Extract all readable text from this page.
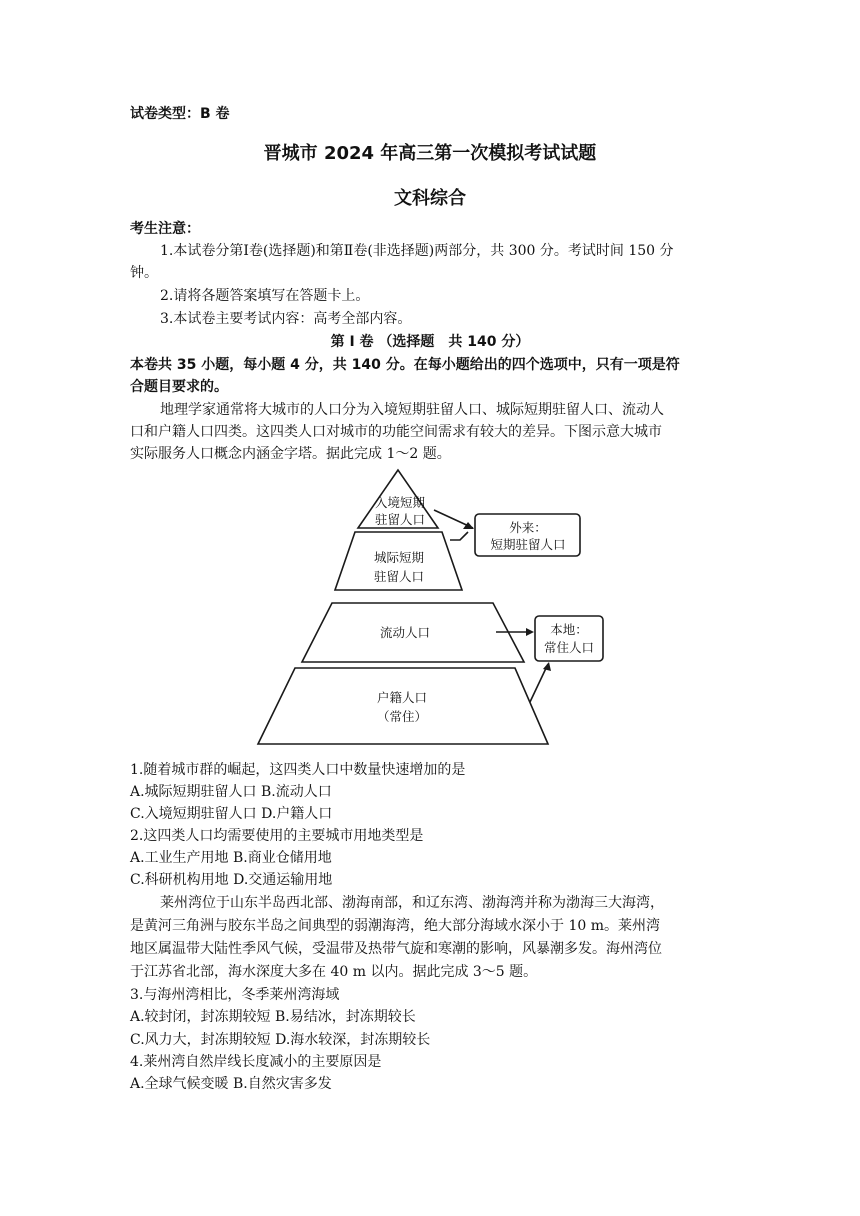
试卷类型：B 卷
晋城市 2024 年高三第一次模拟考试试题
文科综合
考生注意：
1.本试卷分第Ⅰ卷(选择题)和第Ⅱ卷(非选择题)两部分，共 300 分。考试时间 150 分
钟。
2.请将各题答案填写在答题卡上。
3.本试卷主要考试内容：高考全部内容。
第 Ⅰ 卷 （选择题　共 140 分）
本卷共 35 小题，每小题 4 分，共 140 分。在每小题给出的四个选项中，只有一项是符
合题目要求的。
地理学家通常将大城市的人口分为入境短期驻留人口、城际短期驻留人口、流动人
口和户籍人口四类。这四类人口对城市的功能空间需求有较大的差异。下图示意大城市
实际服务人口概念内涵金字塔。据此完成 1～2 题。
入境短期
驻留人口
城际短期
驻留人口
流动人口
户籍人口
（常住）
外来：
短期驻留人口
本地：
常住人口
1.随着城市群的崛起，这四类人口中数量快速增加的是
A.城际短期驻留人口 B.流动人口
C.入境短期驻留人口 D.户籍人口
2.这四类人口均需要使用的主要城市用地类型是
A.工业生产用地 B.商业仓储用地
C.科研机构用地 D.交通运输用地
莱州湾位于山东半岛西北部、渤海南部，和辽东湾、渤海湾并称为渤海三大海湾，
是黄河三角洲与胶东半岛之间典型的弱潮海湾，绝大部分海域水深小于 10 m。莱州湾
地区属温带大陆性季风气候，受温带及热带气旋和寒潮的影响，风暴潮多发。海州湾位
于江苏省北部，海水深度大多在 40 m 以内。据此完成 3～5 题。
3.与海州湾相比，冬季莱州湾海域
A.较封闭，封冻期较短 B.易结冰，封冻期较长
C.风力大，封冻期较短 D.海水较深，封冻期较长
4.莱州湾自然岸线长度减小的主要原因是
A.全球气候变暖 B.自然灾害多发
